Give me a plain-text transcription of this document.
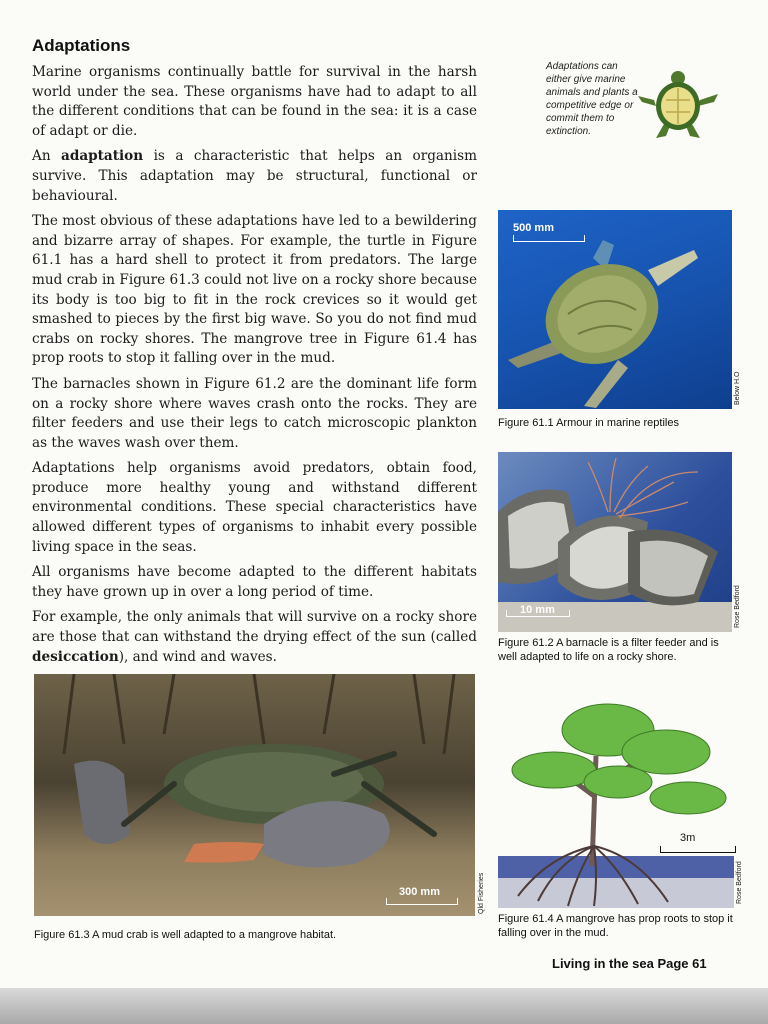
Adaptations

Marine organisms continually battle for survival in the harsh world under the sea. These organisms have had to adapt to all the different conditions that can be found in the sea: it is a case of adapt or die.

An adaptation is a characteristic that helps an organism survive. This adaptation may be structural, functional or behavioural.

The most obvious of these adaptations have led to a bewildering and bizarre array of shapes. For example, the turtle in Figure 61.1 has a hard shell to protect it from predators. The large mud crab in Figure 61.3 could not live on a rocky shore because its body is too big to fit in the rock crevices so it would get smashed to pieces by the first big wave. So you do not find mud crabs on rocky shores. The mangrove tree in Figure 61.4 has prop roots to stop it falling over in the mud.

The barnacles shown in Figure 61.2 are the dominant life form on a rocky shore where waves crash onto the rocks. They are filter feeders and use their legs to catch microscopic plankton as the waves wash over them.

Adaptations help organisms avoid predators, obtain food, produce more healthy young and withstand different environmental conditions. These special characteristics have allowed different types of organisms to inhabit every possible living space in the seas.

All organisms have become adapted to the different habitats they have grown up in over a long period of time.

For example, the only animals that will survive on a rocky shore are those that can withstand the drying effect of the sun (called desiccation), and wind and waves.

Adaptations can either give marine animals and plants a competitive edge or commit them to extinction.
500 mm
Below H.O
Figure 61.1 Armour in marine reptiles
10 mm	Rose Bedford
Figure 61.2 A barnacle is a filter feeder and is well adapted to life on a rocky shore.
300 mm	Qld Fisheries
Figure 61.3 A mud crab is well adapted to a mangrove habitat.
3m
Rose Bedford
Figure 61.4 A mangrove has prop roots to stop it falling over in the mud.
Living in the sea Page 61
